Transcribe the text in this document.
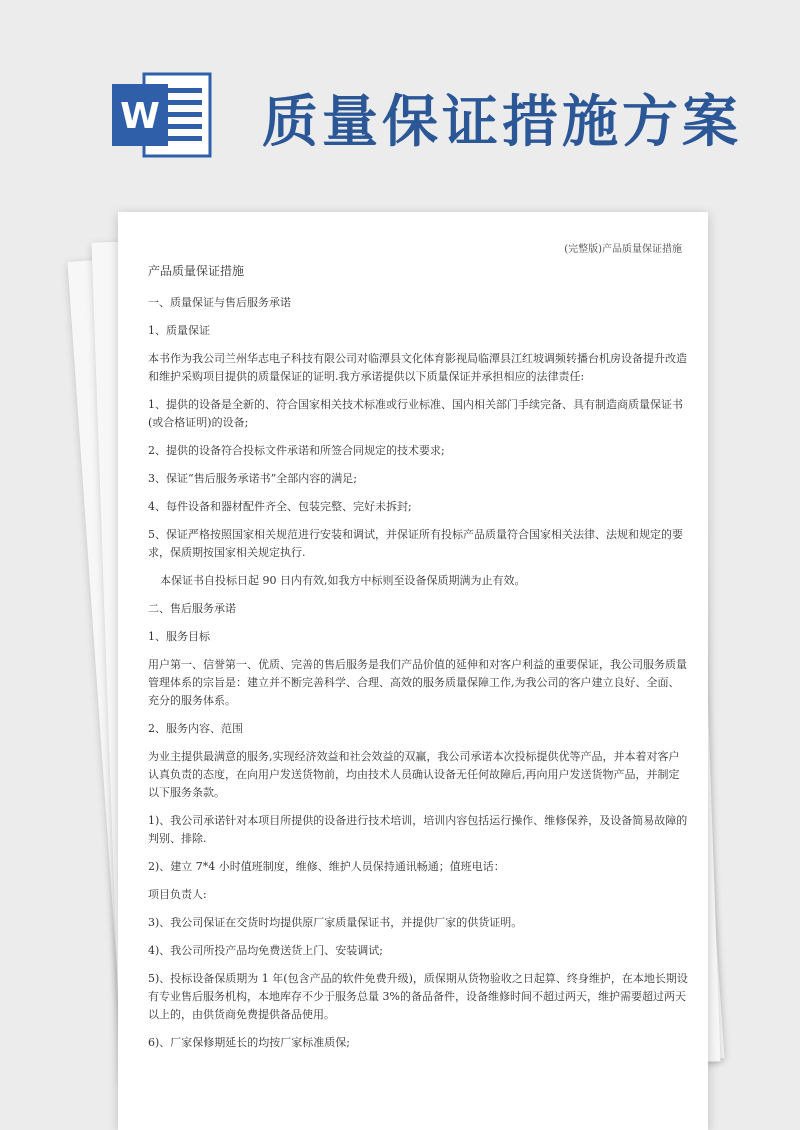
W 质量保证措施方案
(完整版)产品质量保证措施

产品质量保证措施

一、质量保证与售后服务承诺

1、质量保证

本书作为我公司兰州华志电子科技有限公司对临潭县文化体育影视局临潭县江红坡调频转播台机房设备提升改造和维护采购项目提供的质量保证的证明.我方承诺提供以下质量保证并承担相应的法律责任:

1、提供的设备是全新的、符合国家相关技术标准或行业标准、国内相关部门手续完备、具有制造商质量保证书(或合格证明)的设备;

2、提供的设备符合投标文件承诺和所签合同规定的技术要求;

3、保证“售后服务承诺书”全部内容的满足;

4、每件设备和器材配件齐全、包装完整、完好未拆封;

5、保证严格按照国家相关规范进行安装和调试，并保证所有投标产品质量符合国家相关法律、法规和规定的要求，保质期按国家相关规定执行.

本保证书自投标日起 90 日内有效,如我方中标则至设备保质期满为止有效。

二、售后服务承诺

1、服务目标

用户第一、信誉第一、优质、完善的售后服务是我们产品价值的延伸和对客户利益的重要保证，我公司服务质量管理体系的宗旨是：建立并不断完善科学、合理、高效的服务质量保障工作,为我公司的客户建立良好、全面、充分的服务体系。

2、服务内容、范围

为业主提供最满意的服务,实现经济效益和社会效益的双赢，我公司承诺本次投标提供优等产品，并本着对客户认真负责的态度，在向用户发送货物前，均由技术人员确认设备无任何故障后,再向用户发送货物产品，并制定以下服务条款。

1)、我公司承诺针对本项目所提供的设备进行技术培训，培训内容包括运行操作、维修保养，及设备简易故障的判别、排除.

2)、建立 7*4 小时值班制度，维修、维护人员保持通讯畅通；值班电话：

项目负责人:

3)、我公司保证在交货时均提供原厂家质量保证书，并提供厂家的供货证明。

4)、我公司所投产品均免费送货上门、安装调试;

5)、投标设备保质期为 1 年(包含产品的软件免费升级)，质保期从货物验收之日起算、终身维护，在本地长期设有专业售后服务机构，本地库存不少于服务总量 3%的备品备件，设备维修时间不超过两天，维护需要超过两天以上的，由供货商免费提供备品使用。

6)、厂家保修期延长的均按厂家标准质保;
